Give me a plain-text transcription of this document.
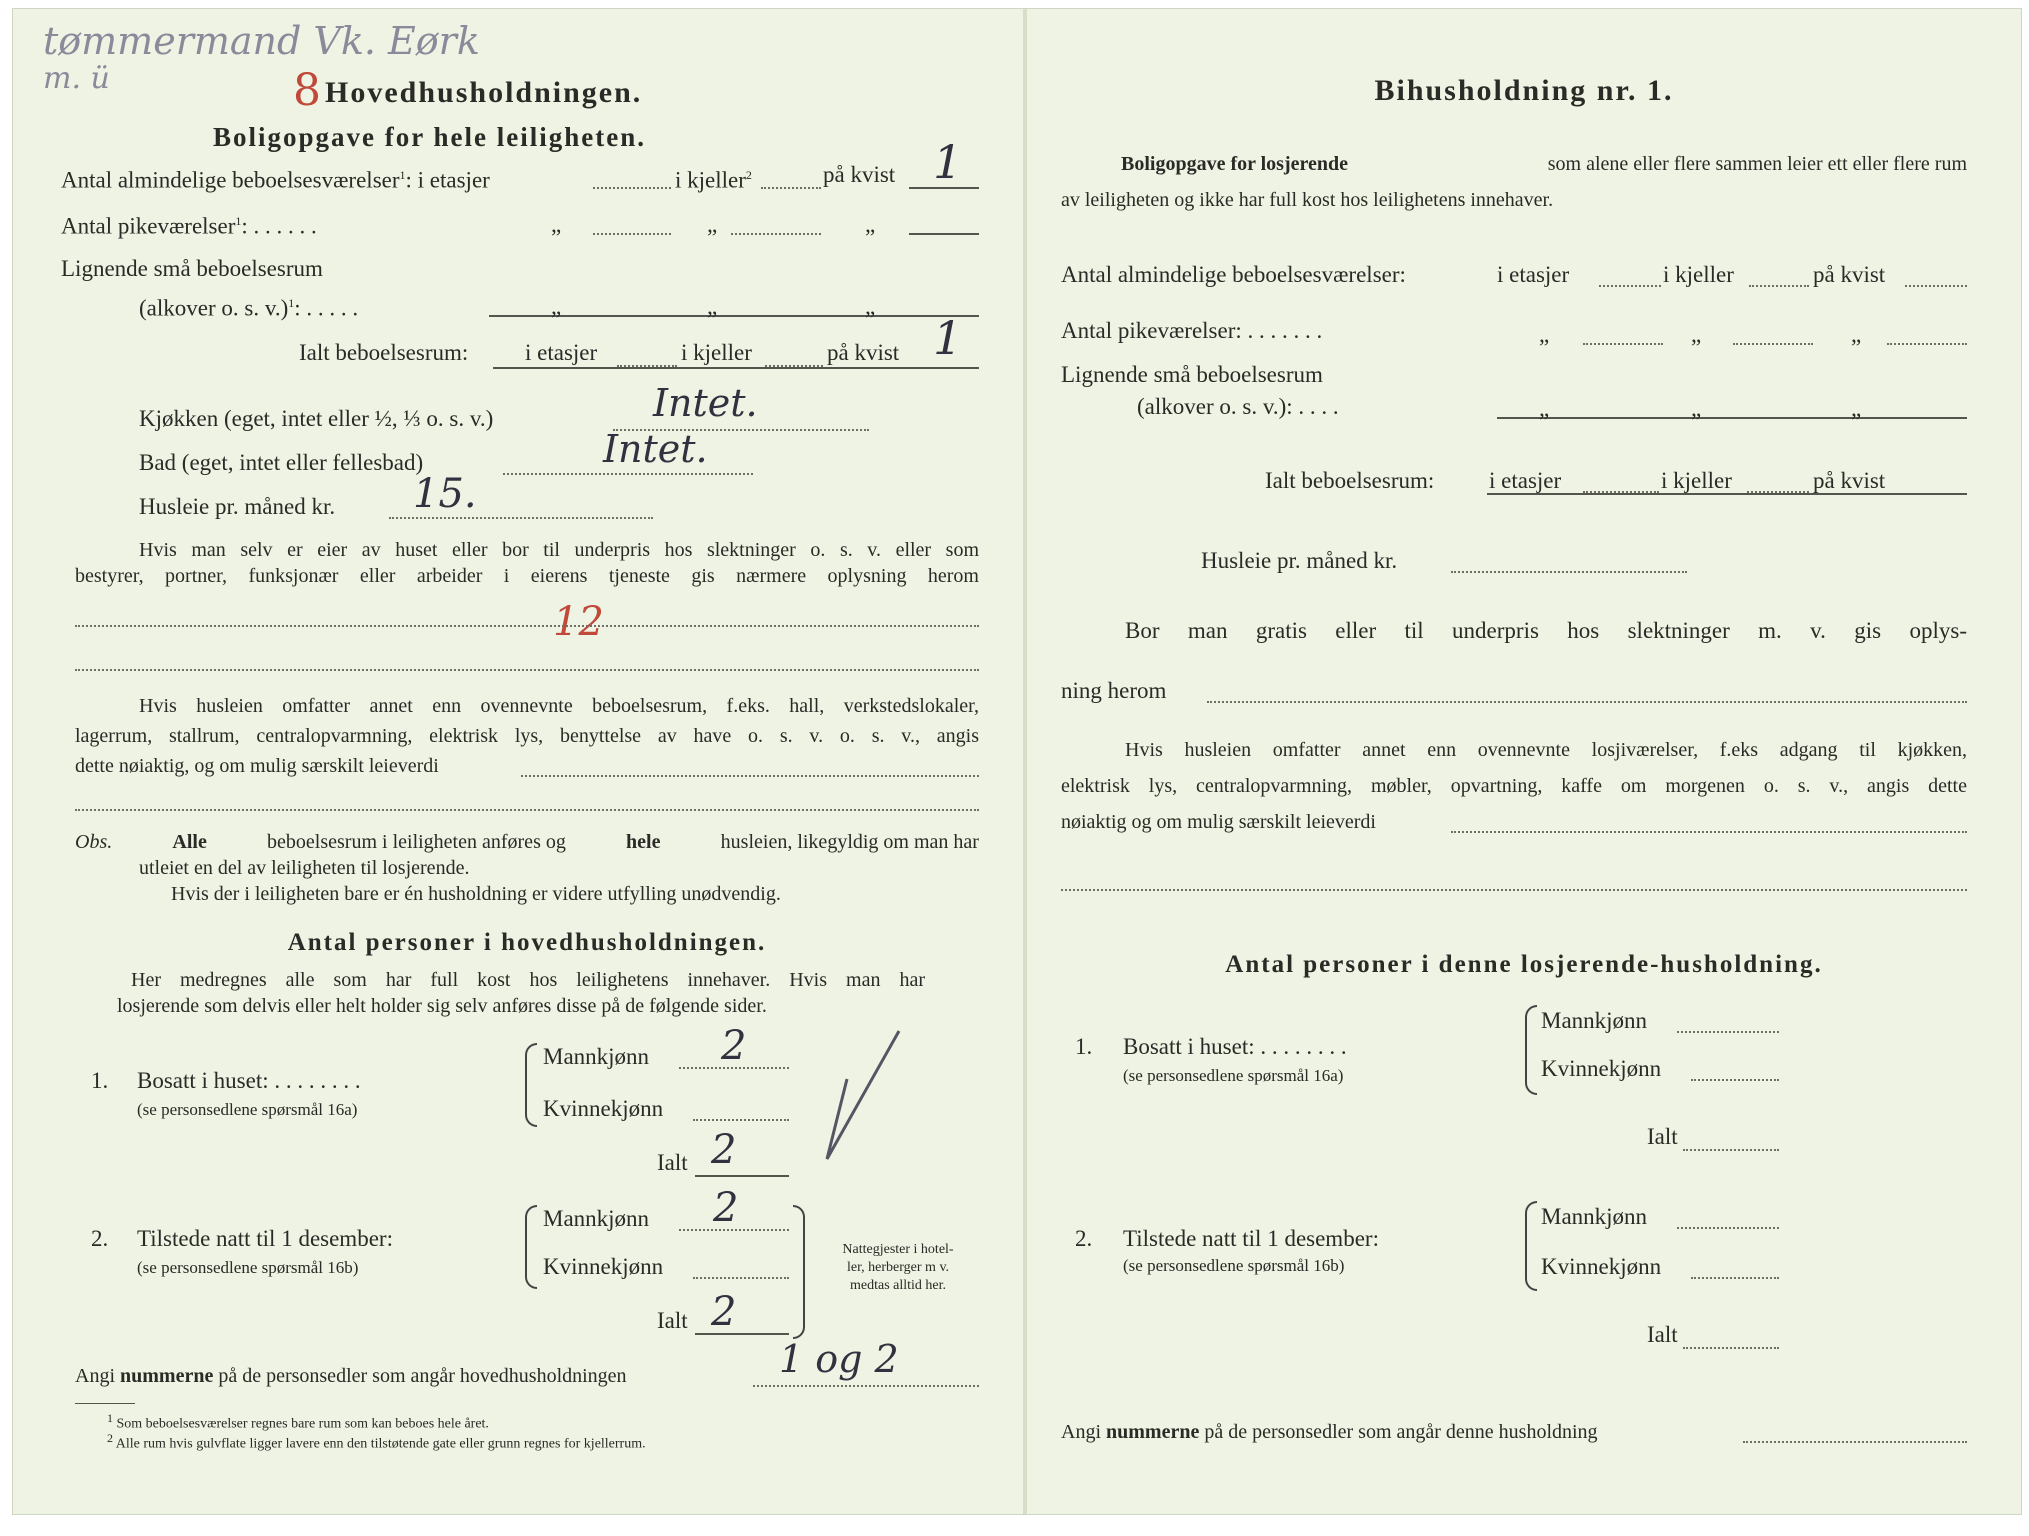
tømmermand Vk. Eørk
m. ü	8 Hovedhusholdningen.
Boligopgave for hele leiligheten.
Antal almindelige beboelsesværelser$^1$: i etasjer	i kjeller$^2$	på kvist 1
Antal pikeværelser$^1$: . . . . . .	„	„	„
Lignende små beboelsesrum
(alkover o. s. v.)$^1$: . . . . .	„	„	„
Ialt beboelsesrum: i etasjer	i kjeller	på kvist 1
Kjøkken (eget, intet eller ½, ⅓ o. s. v.)	Intet.
Bad (eget, intet eller fellesbad)	Intet.
Husleie pr. måned kr. 15.
12
Hvis man selv er eier av huset eller bor til underpris hos slektninger o. s. v. eller som
bestyrer, portner, funksjonær eller arbeider i eierens tjeneste gis nærmere oplysning herom
Hvis husleien omfatter annet enn ovennevnte beboelsesrum, f.eks. hall, verkstedslokaler,
lagerrum, stallrum, centralopvarmning, elektrisk lys, benyttelse av have o. s. v. o. s. v., angis
dette nøiaktig, og om mulig særskilt leieverdi
Obs.	Alle	beboelsesrum i leiligheten anføres og	hele	husleien, likegyldig om man har
utleiet en del av leiligheten til losjerende.
Hvis der i leiligheten bare er én husholdning er videre utfylling unødvendig.
Antal personer i hovedhusholdningen.
Her medregnes alle som har full kost hos leilighetens innehaver. Hvis man har
losjerende som delvis eller helt holder sig selv anføres disse på de følgende sider.
1. Bosatt i huset: . . . . . . . .
(se personsedlene spørsmål 16a)
Mannkjønn 2
Kvinnekjønn
Ialt 2
2. Tilstede natt til 1 desember:
(se personsedlene spørsmål 16b)
Mannkjønn 2
Kvinnekjønn
Ialt 2
Nattegjester i hotel-
ler, herberger m v.
medtas alltid her.
Angi nummerne på de personsedler som angår hovedhusholdningen	1 og 2
$^1$ Som beboelsesværelser regnes bare rum som kan beboes hele året.
$^2$ Alle rum hvis gulvflate ligger lavere enn den tilstøtende gate eller grunn regnes for kjellerrum.
Bihusholdning nr. 1.
Boligopgave for losjerende	som alene eller flere sammen leier ett eller flere rum
av leiligheten og ikke har full kost hos leilighetens innehaver.
Antal almindelige beboelsesværelser:	i etasjer	i kjeller	på kvist
Antal pikeværelser: . . . . . . .	„	„	„
Lignende små beboelsesrum
(alkover o. s. v.): . . . .	„	„	„
Ialt beboelsesrum: i etasjer	i kjeller	på kvist
Husleie pr. måned kr.
Bor man gratis eller til underpris hos slektninger m. v. gis oplys-
ning herom
Hvis husleien omfatter annet enn ovennevnte losjiværelser, f.eks adgang til kjøkken,
elektrisk lys, centralopvarmning, møbler, opvartning, kaffe om morgenen o. s. v., angis dette
nøiaktig og om mulig særskilt leieverdi
Antal personer i denne losjerende-husholdning.
1. Bosatt i huset: . . . . . . . .
(se personsedlene spørsmål 16a)
Mannkjønn
Kvinnekjønn
Ialt
2. Tilstede natt til 1 desember:
(se personsedlene spørsmål 16b)
Mannkjønn
Kvinnekjønn
Ialt
Angi nummerne på de personsedler som angår denne husholdning
